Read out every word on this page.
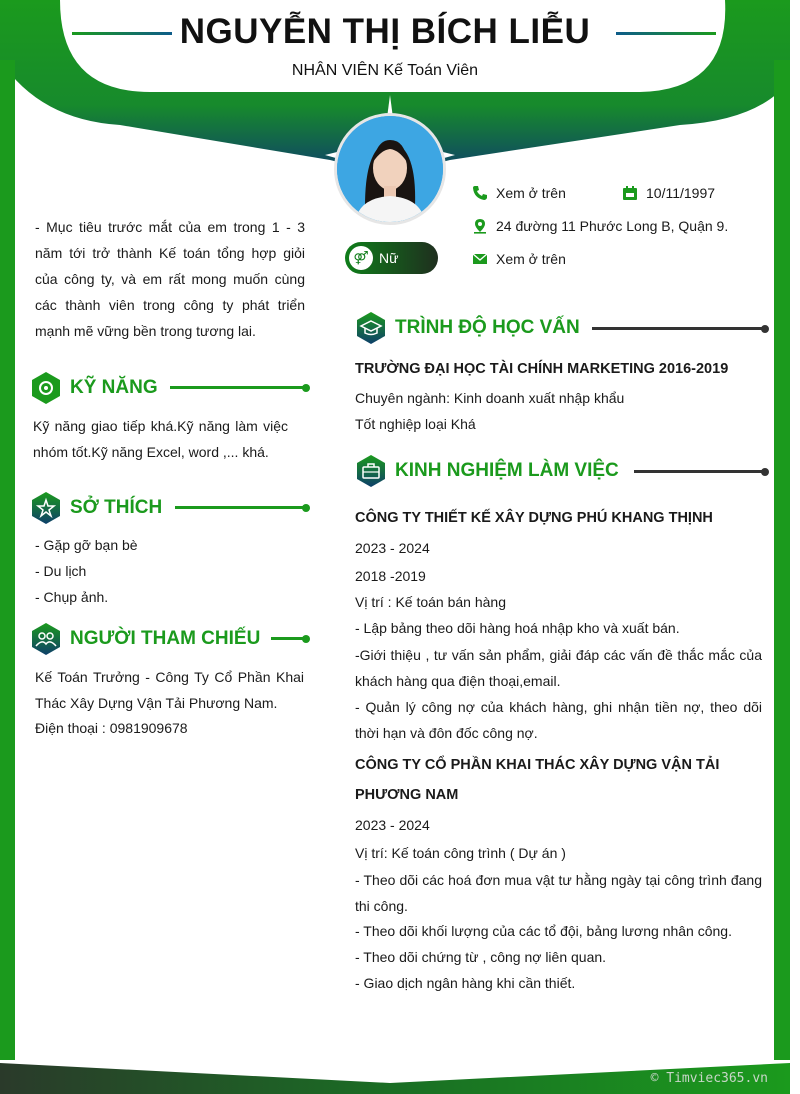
NGUYỄN THỊ BÍCH LIỄU
NHÂN VIÊN Kế Toán Viên
Xem ở trên	10/11/1997
24 đường 11 Phước Long B, Quận 9.
Xem ở trên
⚤ Nữ
- Mục tiêu trước mắt của em trong 1 - 3 năm tới trở thành Kế toán tổng hợp giỏi của công ty, và em rất mong muốn cùng các thành viên trong công ty phát triển mạnh mẽ vững bền trong tương lai.
KỸ NĂNG
Kỹ năng giao tiếp khá.Kỹ năng làm việc nhóm tốt.Kỹ năng Excel, word ,... khá.
SỞ THÍCH
- Gặp gỡ bạn bè
- Du lịch
- Chụp ảnh.
NGƯỜI THAM CHIẾU
Kế Toán Trưởng - Công Ty Cổ Phần Khai Thác Xây Dựng Vận Tải Phương Nam.
Điện thoại : 0981909678
TRÌNH ĐỘ HỌC VẤN
TRƯỜNG ĐẠI HỌC TÀI CHÍNH MARKETING 2016-2019
Chuyên ngành: Kinh doanh xuất nhập khẩu
Tốt nghiệp loại Khá
KINH NGHIỆM LÀM VIỆC
CÔNG TY THIẾT KẾ XÂY DỰNG PHÚ KHANG THỊNH
2023 - 2024
2018 -2019
Vị trí : Kế toán bán hàng
- Lập bảng theo dõi hàng hoá nhập kho và xuất bán.
-Giới thiệu , tư vấn sản phẩm, giải đáp các vấn đề thắc mắc của khách hàng qua điện thoại,email.
- Quản lý công nợ của khách hàng, ghi nhận tiền nợ, theo dõi thời hạn và đôn đốc công nợ.
CÔNG TY CỔ PHẦN KHAI THÁC XÂY DỰNG VẬN TẢI
PHƯƠNG NAM
2023 - 2024
Vị trí: Kế toán công trình ( Dự án )
- Theo dõi các hoá đơn mua vật tư hằng ngày tại công trình đang thi công.
- Theo dõi khối lượng của các tổ đội, bảng lương nhân công.
- Theo dõi chứng từ , công nợ liên quan.
- Giao dịch ngân hàng khi cần thiết.
© Timviec365.vn
